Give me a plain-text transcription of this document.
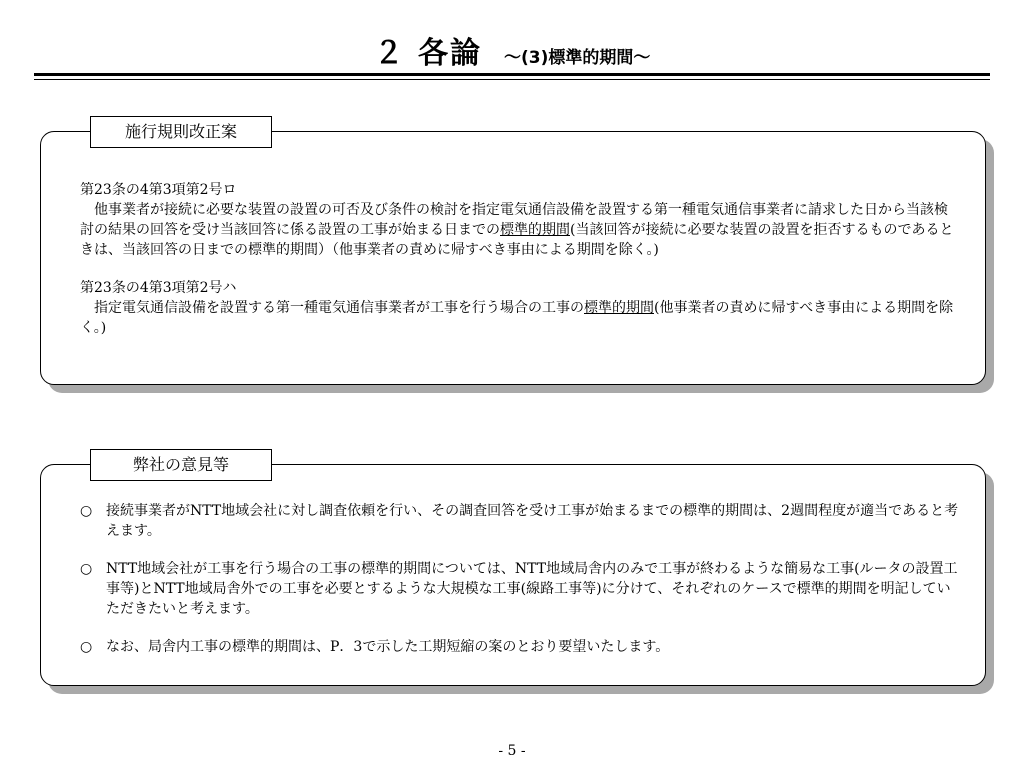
２ 各論 ～(3)標準的期間～
施行規則改正案

第23条の4第3項第2号ロ

他事業者が接続に必要な装置の設置の可否及び条件の検討を指定電気通信設備を設置する第一種電気通信事業者に請求した日から当該検討の結果の回答を受け当該回答に係る設置の工事が始まる日までの標準的期間(当該回答が接続に必要な装置の設置を拒否するものであるときは、当該回答の日までの標準的期間）（他事業者の責めに帰すべき事由による期間を除く。)

第23条の4第3項第2号ハ

指定電気通信設備を設置する第一種電気通信事業者が工事を行う場合の工事の標準的期間(他事業者の責めに帰すべき事由による期間を除く。)

弊社の意見等

○ 接続事業者がNTT地域会社に対し調査依頼を行い、その調査回答を受け工事が始まるまでの標準的期間は、2週間程度が適当であると考えます。

○ NTT地域会社が工事を行う場合の工事の標準的期間については、NTT地域局舎内のみで工事が終わるような簡易な工事(ルータの設置工事等)とNTT地域局舎外での工事を必要とするような大規模な工事(線路工事等)に分けて、それぞれのケースで標準的期間を明記していただきたいと考えます。

○ なお、局舎内工事の標準的期間は、P．3で示した工期短縮の案のとおり要望いたします。

- 5 -
